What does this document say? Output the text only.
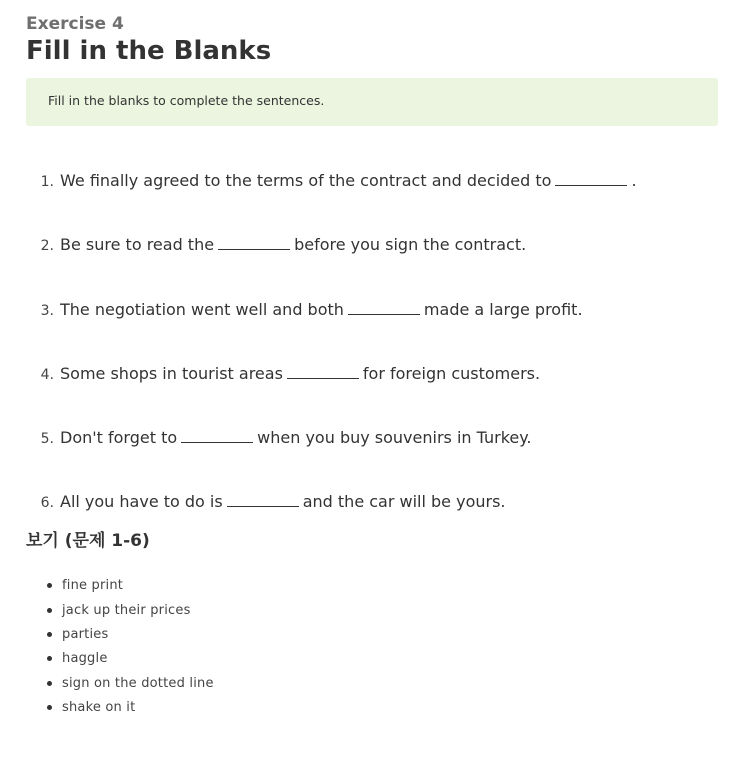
Exercise 4
Fill in the Blanks
Fill in the blanks to complete the sentences.
1. We finally agreed to the terms of the contract and decided to	.
2. Be sure to read the	before you sign the contract.
3. The negotiation went well and both	made a large profit.
4. Some shops in tourist areas	for foreign customers.
5. Don't forget to	when you buy souvenirs in Turkey.
6. All you have to do is	and the car will be yours.
보기 (문제 1-6)
fine print
jack up their prices
parties
haggle
sign on the dotted line
shake on it
